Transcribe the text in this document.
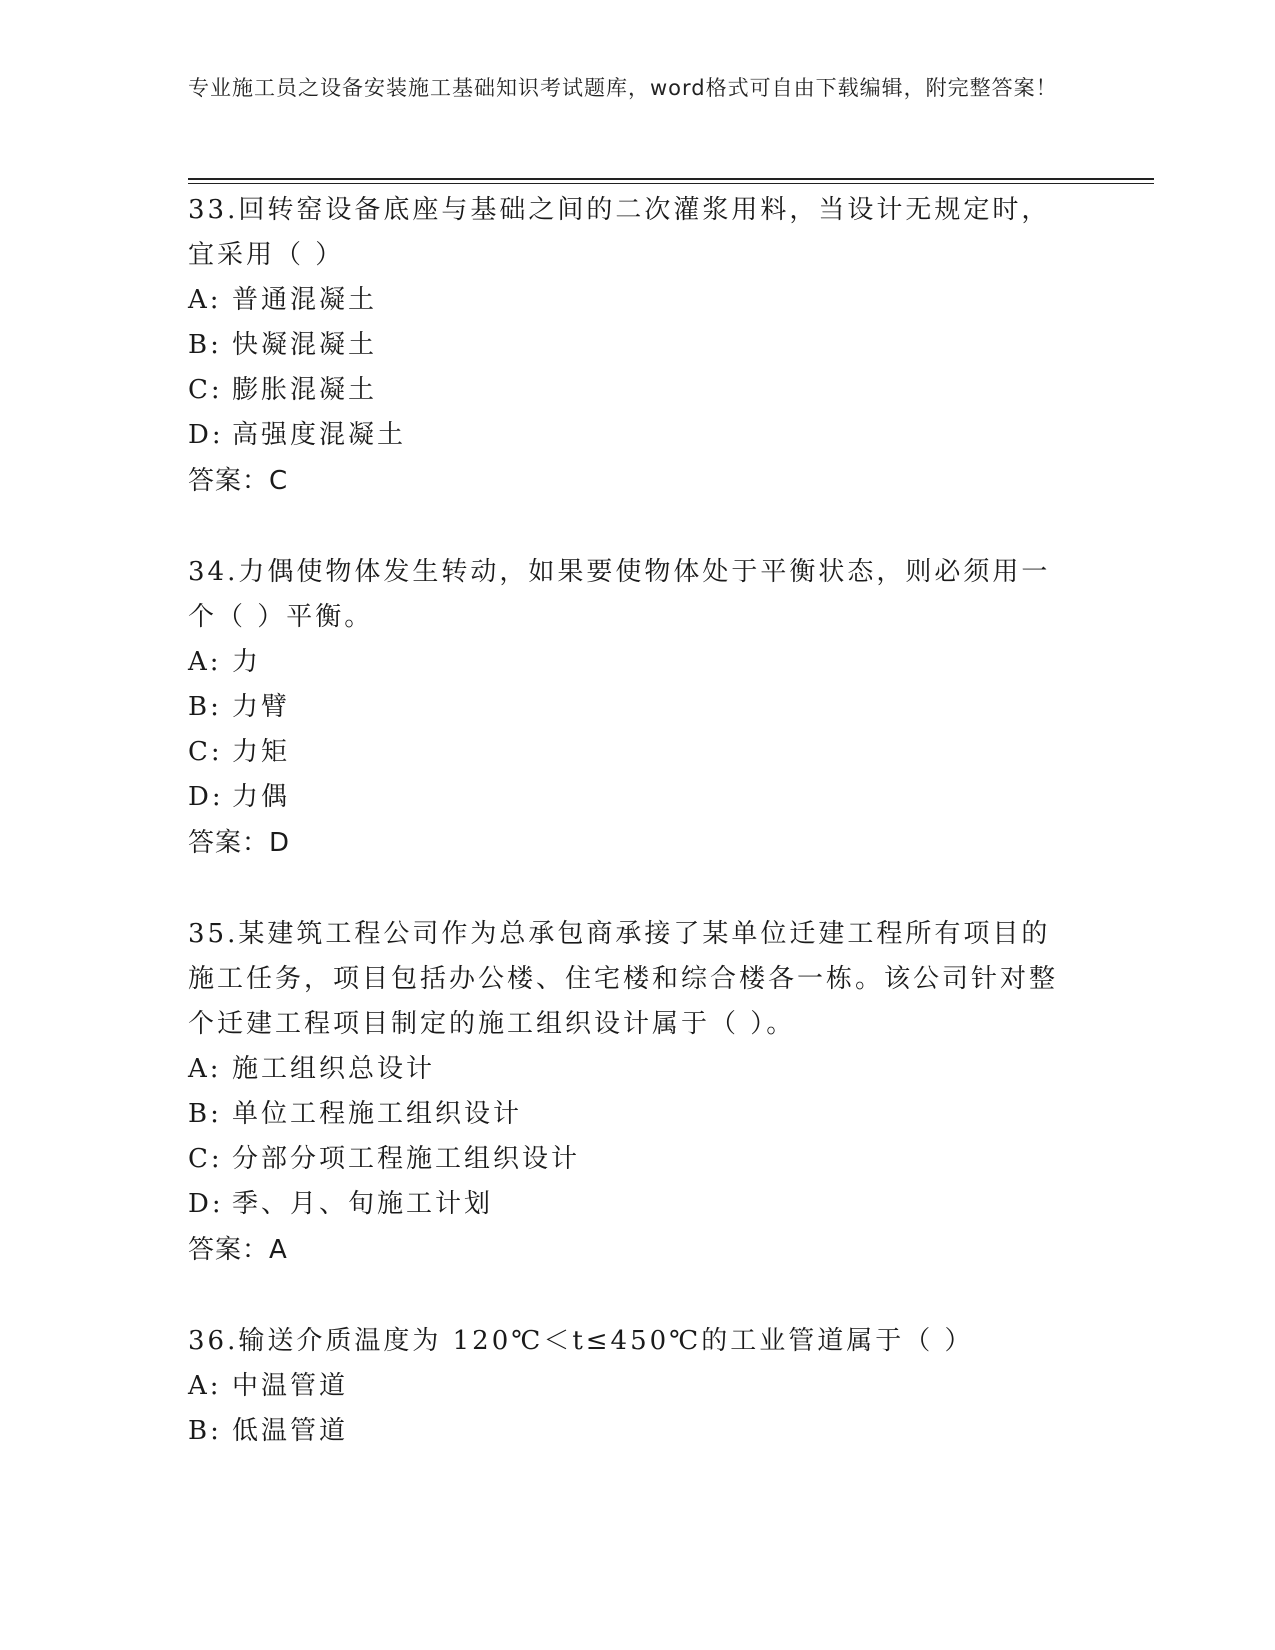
专业施工员之设备安装施工基础知识考试题库，word格式可自由下载编辑，附完整答案！

33.回转窑设备底座与基础之间的二次灌浆用料，当设计无规定时，宜采用（ ）

A: 普通混凝土

B: 快凝混凝土

C: 膨胀混凝土

D: 高强度混凝土

答案：C

34.力偶使物体发生转动，如果要使物体处于平衡状态，则必须用一个（ ）平衡。

A: 力

B: 力臂

C: 力矩

D: 力偶

答案：D

35.某建筑工程公司作为总承包商承接了某单位迁建工程所有项目的施工任务，项目包括办公楼、住宅楼和综合楼各一栋。该公司针对整个迁建工程项目制定的施工组织设计属于（ ）。

A: 施工组织总设计

B: 单位工程施工组织设计

C: 分部分项工程施工组织设计

D: 季、月、旬施工计划

答案：A

36.输送介质温度为 120℃＜t≤450℃的工业管道属于（ ）

A: 中温管道

B: 低温管道
